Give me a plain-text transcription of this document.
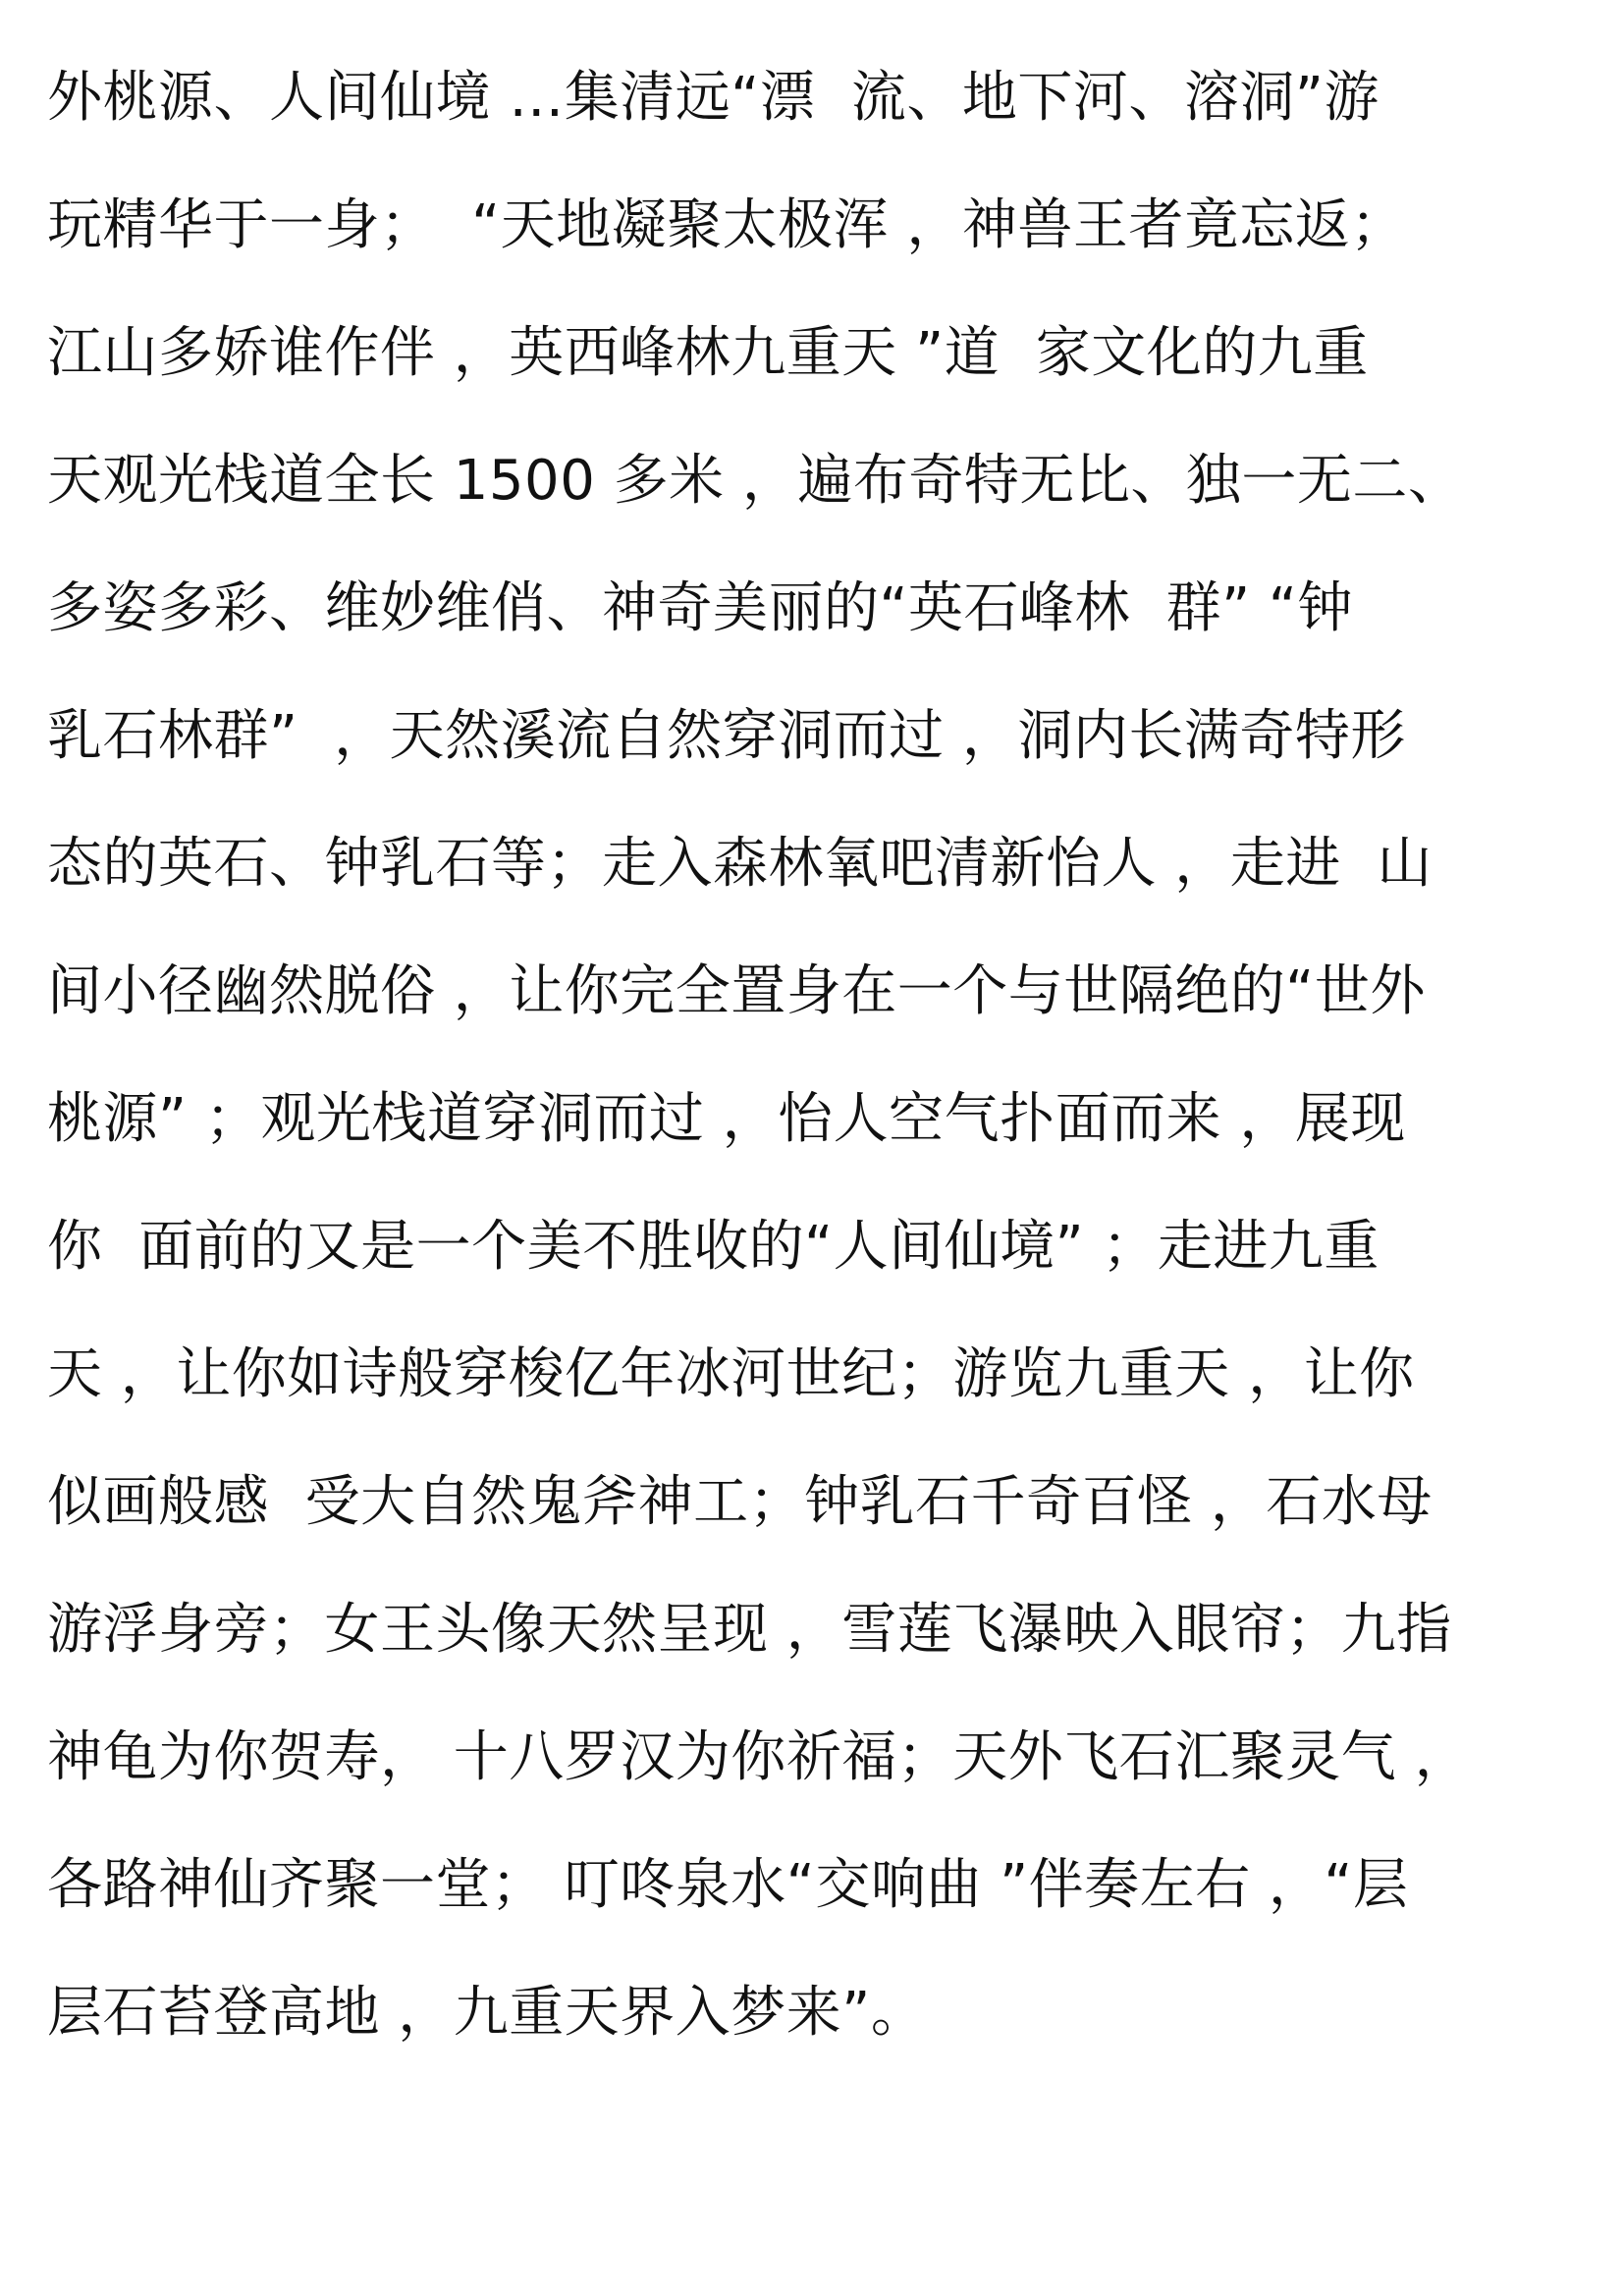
外桃源、人间仙境 …集清远“漂  流、地下河、溶洞”游
玩精华于一身；  “天地凝聚太极浑 ，神兽王者竟忘返；
江山多娇谁作伴 ，英西峰林九重天 ”道  家文化的九重
天观光栈道全长 1500 多米 ，遍布奇特无比、独一无二、
多姿多彩、维妙维俏、神奇美丽的“英石峰林  群” “钟
乳石林群”  ，天然溪流自然穿洞而过 ，洞内长满奇特形
态的英石、钟乳石等；走入森林氧吧清新怡人 ，走进  山
间小径幽然脱俗 ，让你完全置身在一个与世隔绝的“世外
桃源” ；观光栈道穿洞而过 ，怡人空气扑面而来 ，展现
你  面前的又是一个美不胜收的“人间仙境” ；走进九重
天 ，让你如诗般穿梭亿年冰河世纪；游览九重天 ，让你
似画般感  受大自然鬼斧神工；钟乳石千奇百怪 ，石水母
游浮身旁；女王头像天然呈现 ，雪莲飞瀑映入眼帘；九指
神龟为你贺寿， 十八罗汉为你祈福；天外飞石汇聚灵气 ，
各路神仙齐聚一堂； 叮咚泉水“交响曲 ”伴奏左右 ，“层
层石苔登高地 ，九重天界入梦来”。
